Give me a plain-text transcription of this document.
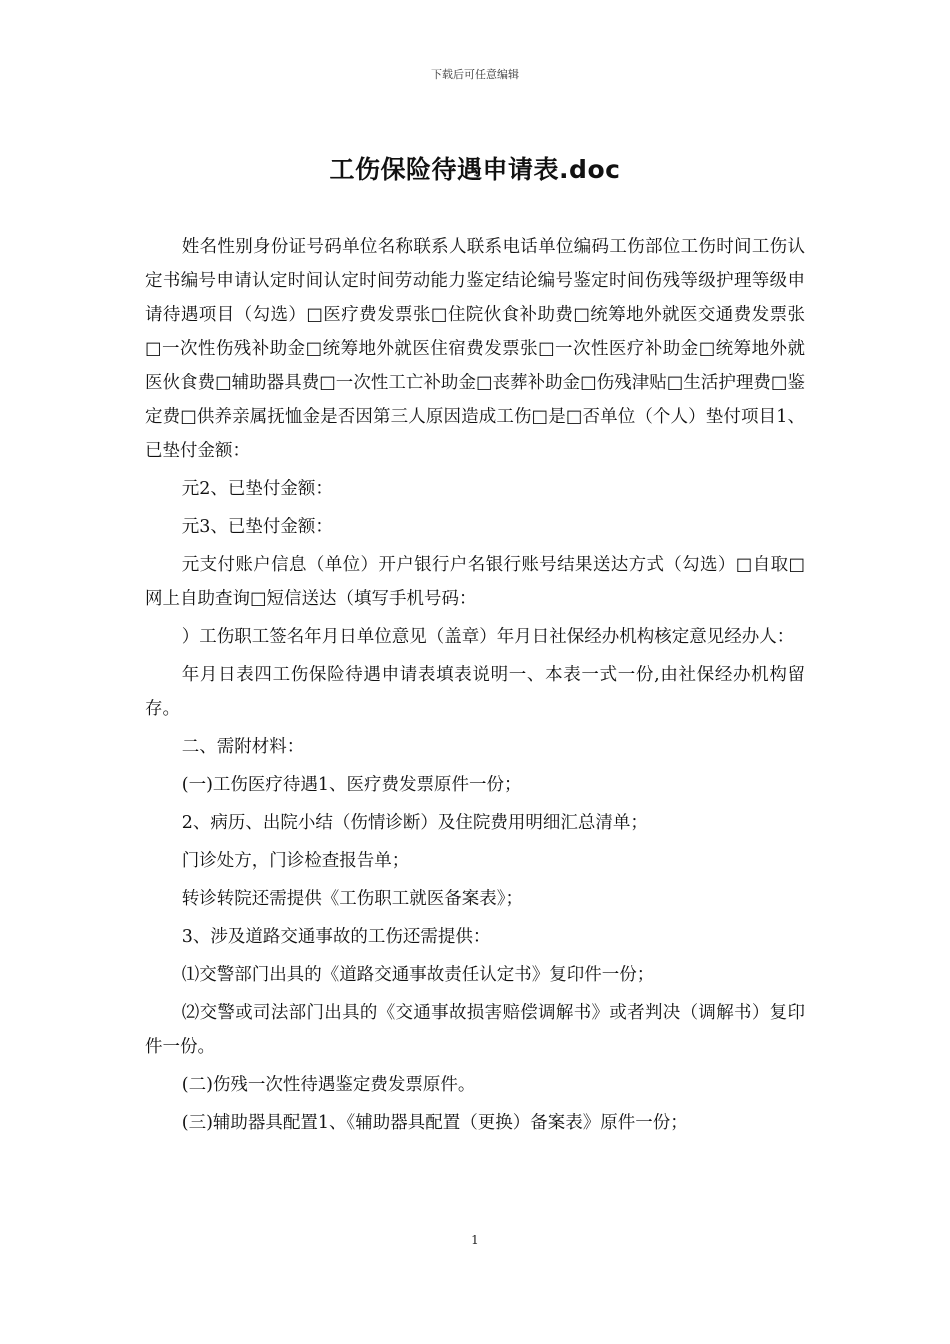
下载后可任意编辑
工伤保险待遇申请表.doc

姓名性别身份证号码单位名称联系人联系电话单位编码工伤部位工伤时间工伤认定书编号申请认定时间认定时间劳动能力鉴定结论编号鉴定时间伤残等级护理等级申请待遇项目（勾选）□医疗费发票张□住院伙食补助费□统筹地外就医交通费发票张□一次性伤残补助金□统筹地外就医住宿费发票张□一次性医疗补助金□统筹地外就医伙食费□辅助器具费□一次性工亡补助金□丧葬补助金□伤残津贴□生活护理费□鉴定费□供养亲属抚恤金是否因第三人原因造成工伤□是□否单位（个人）垫付项目1、已垫付金额：

元2、已垫付金额：

元3、已垫付金额：

元支付账户信息（单位）开户银行户名银行账号结果送达方式（勾选）□自取□网上自助查询□短信送达（填写手机号码：

）工伤职工签名年月日单位意见（盖章）年月日社保经办机构核定意见经办人：

年月日表四工伤保险待遇申请表填表说明一、本表一式一份,由社保经办机构留存。

二、需附材料：

(一)工伤医疗待遇1、医疗费发票原件一份；

2、病历、出院小结（伤情诊断）及住院费用明细汇总清单；

门诊处方，门诊检查报告单；

转诊转院还需提供《工伤职工就医备案表》；

3、涉及道路交通事故的工伤还需提供：

⑴交警部门出具的《道路交通事故责任认定书》复印件一份；

⑵交警或司法部门出具的《交通事故损害赔偿调解书》或者判决（调解书）复印件一份。

(二)伤残一次性待遇鉴定费发票原件。

(三)辅助器具配置1、《辅助器具配置（更换）备案表》原件一份；

1
